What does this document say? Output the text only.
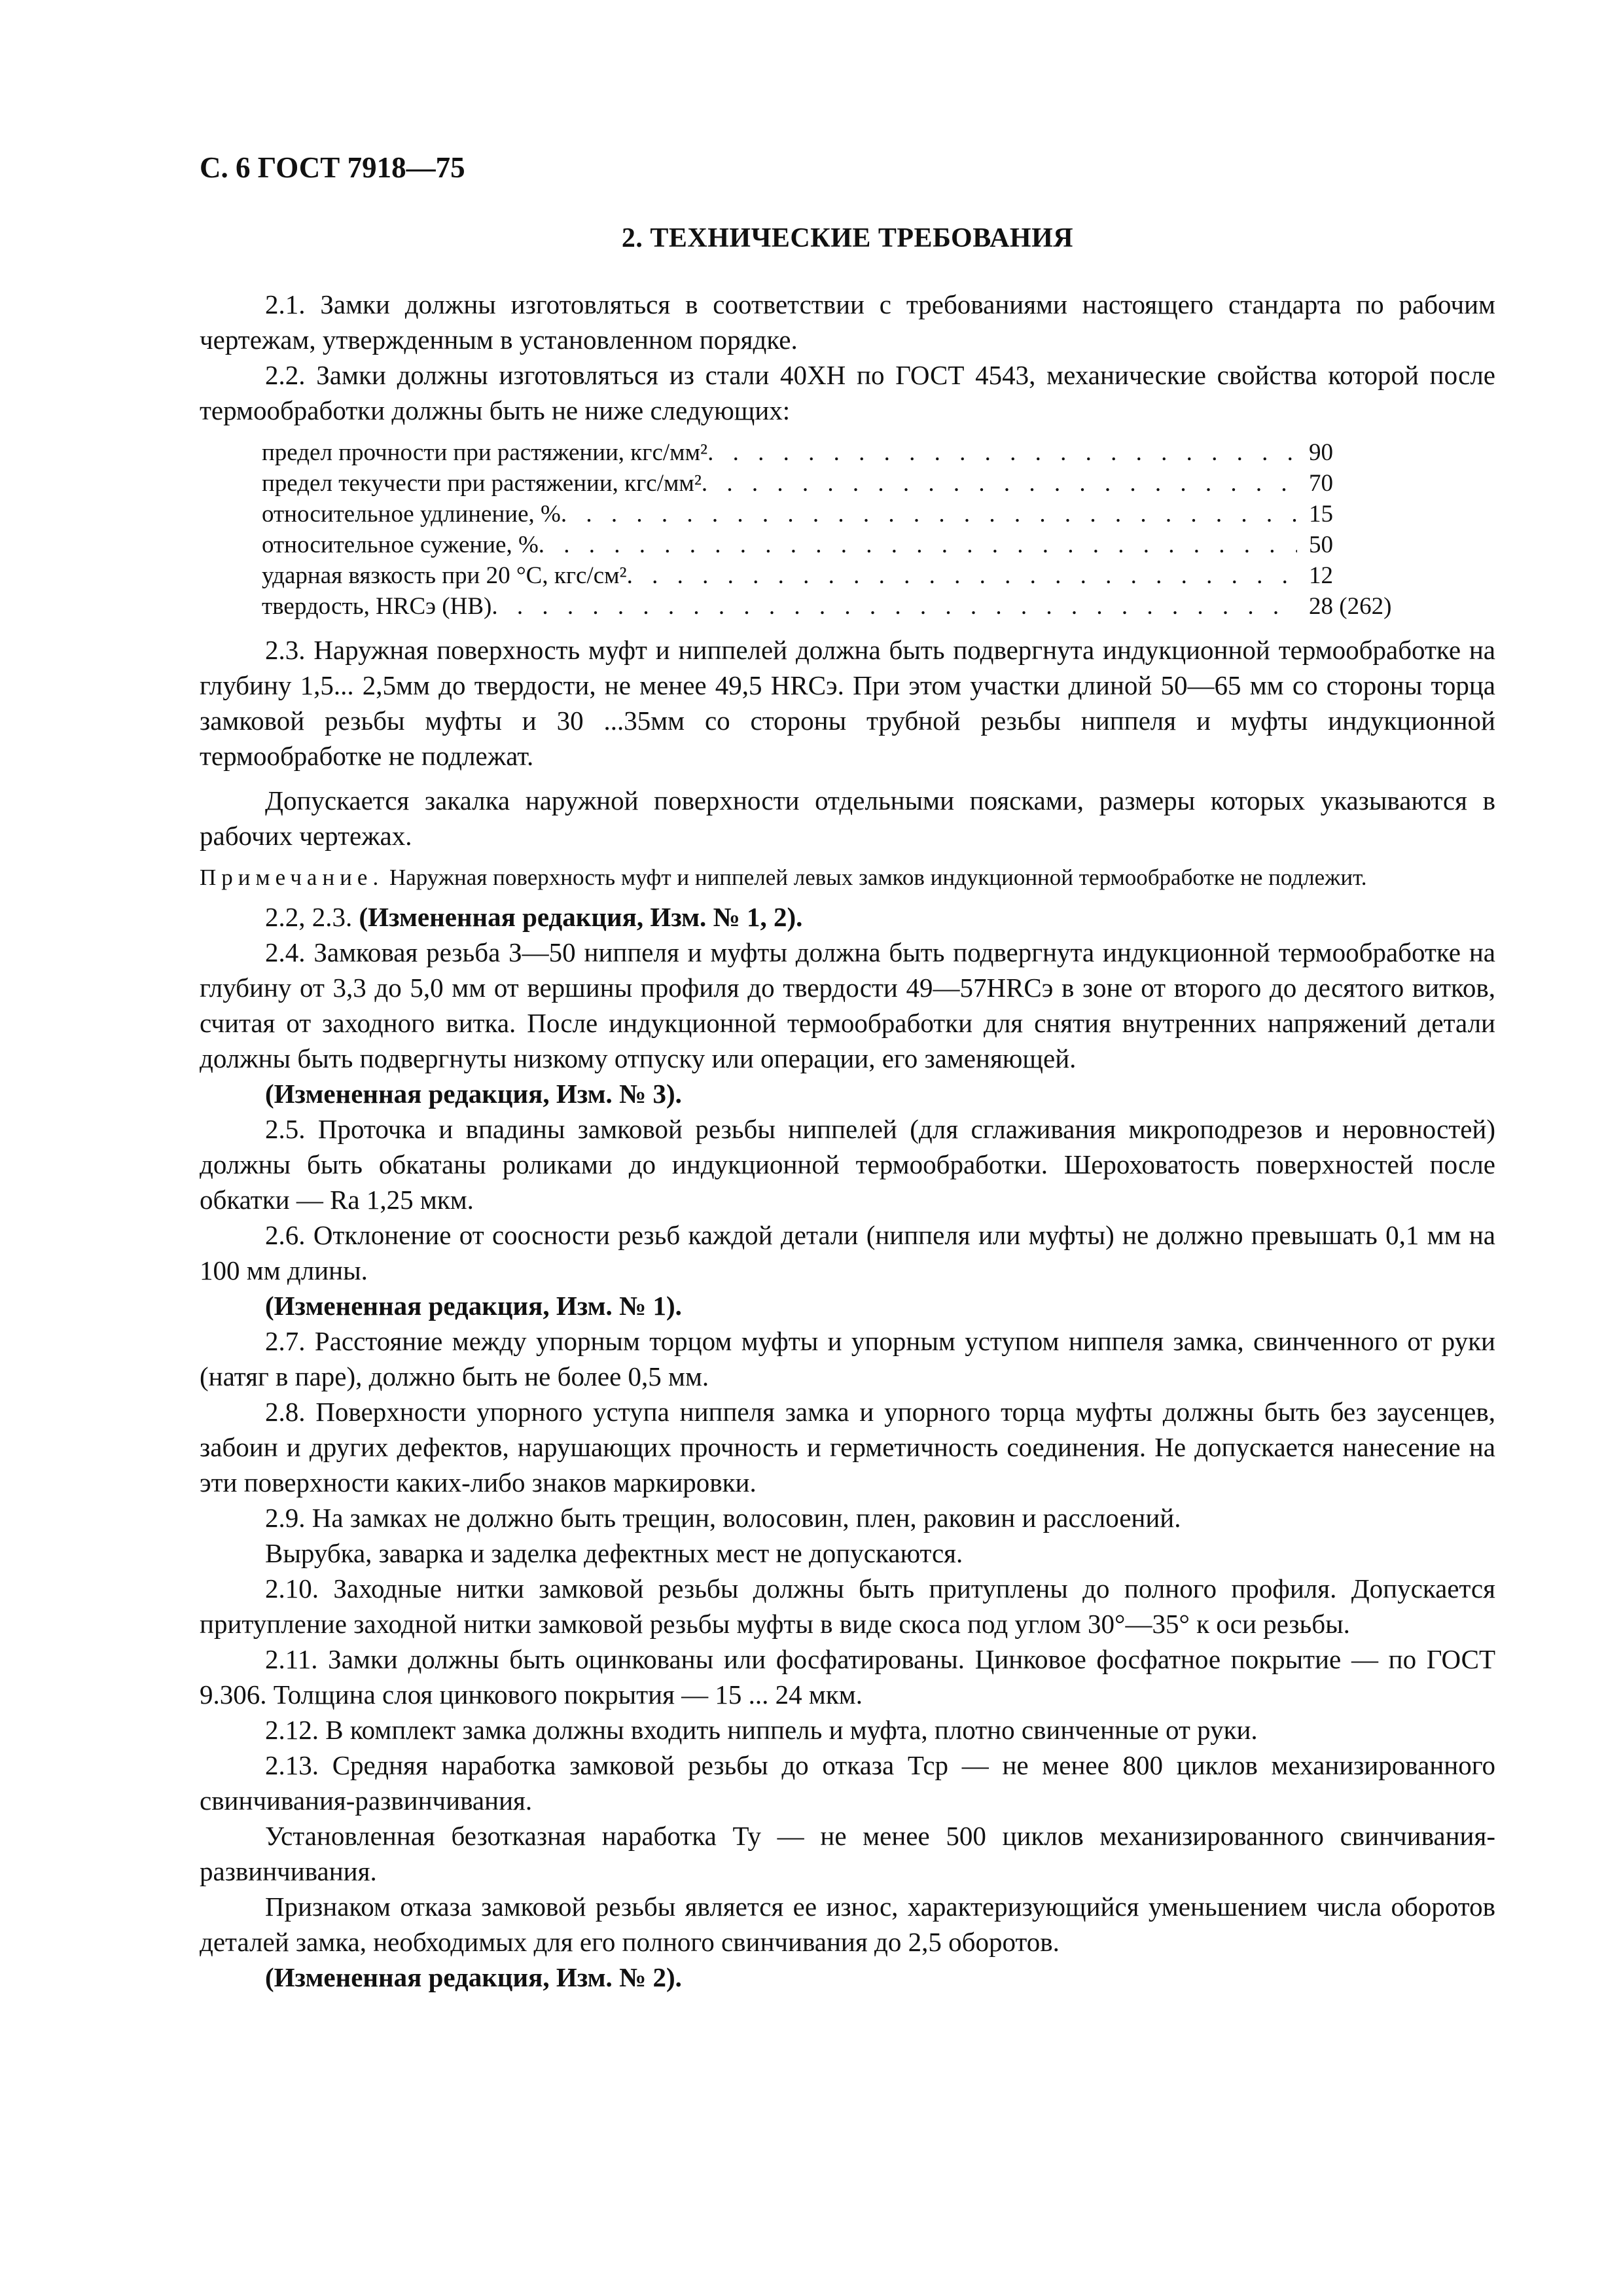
С. 6 ГОСТ 7918—75
2. ТЕХНИЧЕСКИЕ ТРЕБОВАНИЯ

2.1. Замки должны изготовляться в соответствии с требованиями настоящего стандарта по рабочим чертежам, утвержденным в установленном порядке.

2.2. Замки должны изготовляться из стали 40ХН по ГОСТ 4543, механические свойства которой после термообработки должны быть не ниже следующих:

предел прочности при растяжении, кгс/мм² . . .	90
предел текучести при растяжении, кгс/мм² . . .	70
относительное удлинение, % . . .	15
относительное сужение, % . . .	50
ударная вязкость при 20 °С, кгс/см² . . .	12
твердость, HRCэ (НВ) . . .	28 (262)

2.3. Наружная поверхность муфт и ниппелей должна быть подвергнута индукционной термообработке на глубину 1,5... 2,5мм до твердости, не менее 49,5 HRCэ. При этом участки длиной 50—65 мм со стороны торца замковой резьбы муфты и 30 ...35мм со стороны трубной резьбы ниппеля и муфты индукционной термообработке не подлежат.

Допускается закалка наружной поверхности отдельными поясками, размеры которых указываются в рабочих чертежах.

Примечание. Наружная поверхность муфт и ниппелей левых замков индукционной термообработке не подлежит.

2.2, 2.3. (Измененная редакция, Изм. № 1, 2).

2.4. Замковая резьба З—50 ниппеля и муфты должна быть подвергнута индукционной термообработке на глубину от 3,3 до 5,0 мм от вершины профиля до твердости 49—57HRCэ в зоне от второго до десятого витков, считая от заходного витка. После индукционной термообработки для снятия внутренних напряжений детали должны быть подвергнуты низкому отпуску или операции, его заменяющей.

(Измененная редакция, Изм. № 3).

2.5. Проточка и впадины замковой резьбы ниппелей (для сглаживания микроподрезов и неровностей) должны быть обкатаны роликами до индукционной термообработки. Шероховатость поверхностей после обкатки — Ra 1,25 мкм.

2.6. Отклонение от соосности резьб каждой детали (ниппеля или муфты) не должно превышать 0,1 мм на 100 мм длины.

(Измененная редакция, Изм. № 1).

2.7. Расстояние между упорным торцом муфты и упорным уступом ниппеля замка, свинченного от руки (натяг в паре), должно быть не более 0,5 мм.

2.8. Поверхности упорного уступа ниппеля замка и упорного торца муфты должны быть без заусенцев, забоин и других дефектов, нарушающих прочность и герметичность соединения. Не допускается нанесение на эти поверхности каких-либо знаков маркировки.

2.9. На замках не должно быть трещин, волосовин, плен, раковин и расслоений.

Вырубка, заварка и заделка дефектных мест не допускаются.

2.10. Заходные нитки замковой резьбы должны быть притуплены до полного профиля. Допускается притупление заходной нитки замковой резьбы муфты в виде скоса под углом 30°—35° к оси резьбы.

2.11. Замки должны быть оцинкованы или фосфатированы. Цинковое фосфатное покрытие — по ГОСТ 9.306. Толщина слоя цинкового покрытия — 15 ... 24 мкм.

2.12. В комплект замка должны входить ниппель и муфта, плотно свинченные от руки.

2.13. Средняя наработка замковой резьбы до отказа Тср — не менее 800 циклов механизированного свинчивания-развинчивания.

Установленная безотказная наработка Ту — не менее 500 циклов механизированного свинчивания-развинчивания.

Признаком отказа замковой резьбы является ее износ, характеризующийся уменьшением числа оборотов деталей замка, необходимых для его полного свинчивания до 2,5 оборотов.

(Измененная редакция, Изм. № 2).
